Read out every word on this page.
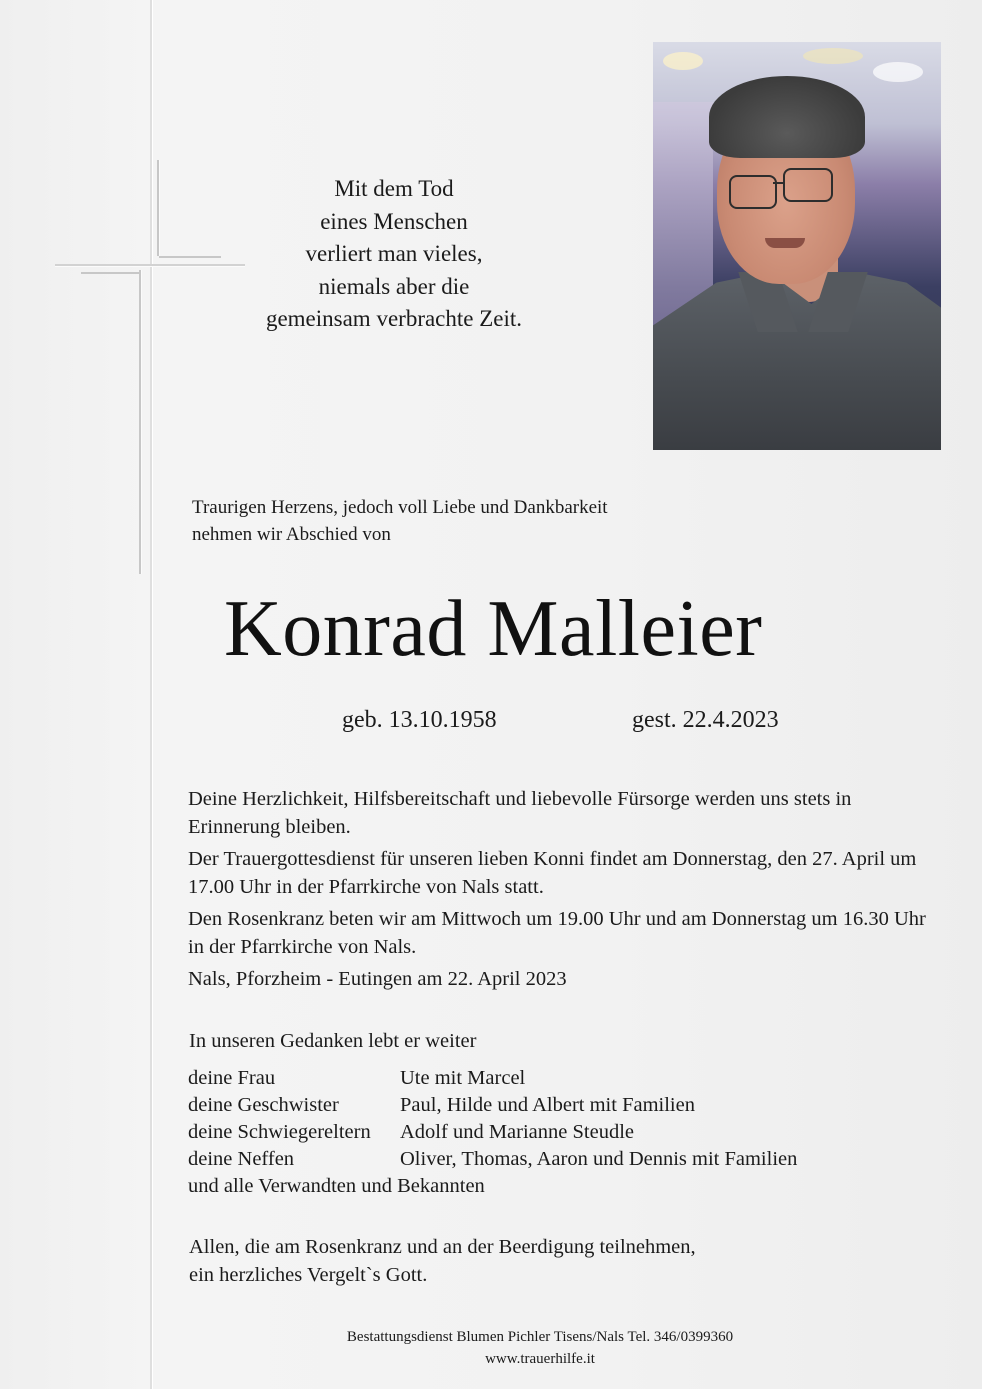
Mit dem Tod
eines Menschen
verliert man vieles,
niemals aber die
gemeinsam verbrachte Zeit.
Traurigen Herzens, jedoch voll Liebe und Dankbarkeit
nehmen wir Abschied von
Konrad Malleier
geb. 13.10.1958	gest. 22.4.2023

Deine Herzlichkeit, Hilfsbereitschaft und liebevolle Fürsorge werden uns stets in Erinnerung bleiben.

Der Trauergottesdienst für unseren lieben Konni findet am Donnerstag, den 27. April um 17.00 Uhr in der Pfarrkirche von Nals statt.

Den Rosenkranz beten wir am Mittwoch um 19.00 Uhr und am Donnerstag um 16.30 Uhr in der Pfarrkirche von Nals.

Nals, Pforzheim - Eutingen am 22. April 2023

In unseren Gedanken lebt er weiter
deine Frau	Ute mit Marcel
deine Geschwister	Paul, Hilde und Albert mit Familien
deine Schwiegereltern Adolf und Marianne Steudle
deine Neffen	Oliver, Thomas, Aaron und Dennis mit Familien
und alle Verwandten und Bekannten
Allen, die am Rosenkranz und an der Beerdigung teilnehmen,
ein herzliches Vergelt`s Gott.
Bestattungsdienst Blumen Pichler Tisens/Nals Tel. 346/0399360
www.trauerhilfe.it
